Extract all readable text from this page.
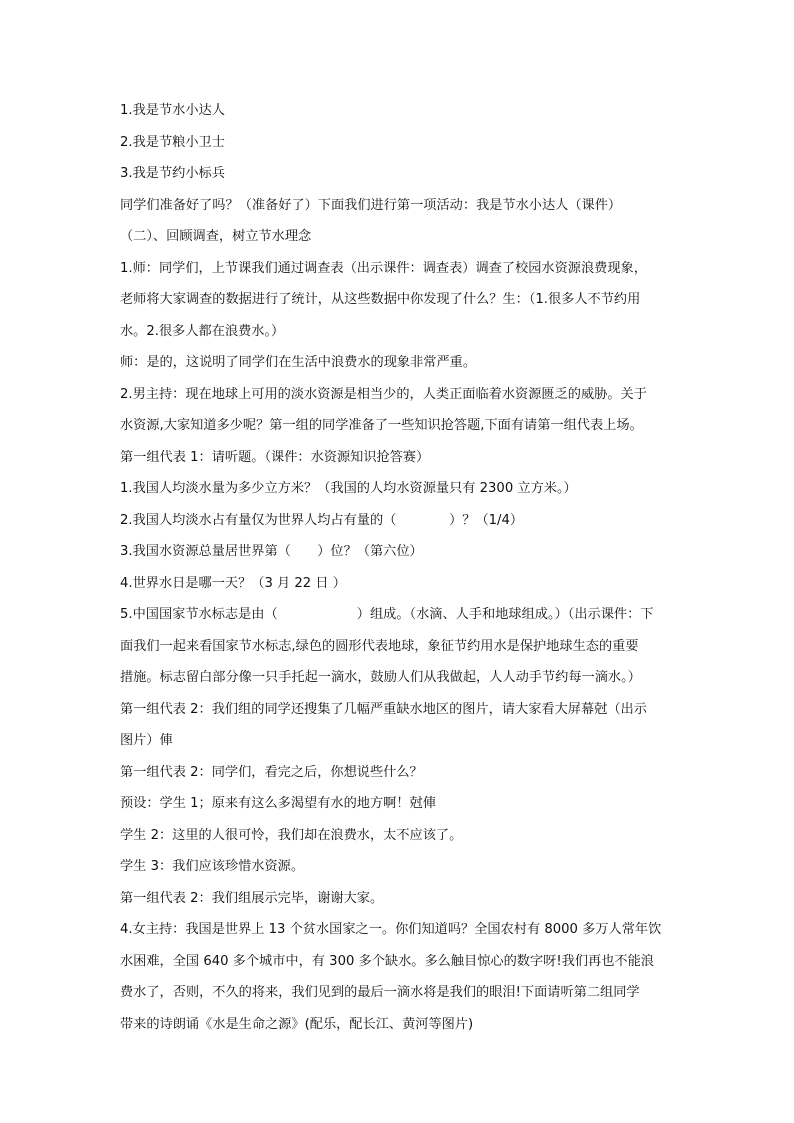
1.我是节水小达人

2.我是节粮小卫士

3.我是节约小标兵

同学们准备好了吗？（准备好了）下面我们进行第一项活动：我是节水小达人（课件）

（二）、回顾调查，树立节水理念

1.师：同学们，上节课我们通过调查表（出示课件：调查表）调查了校园水资源浪费现象，

老师将大家调查的数据进行了统计，从这些数据中你发现了什么？生：（1.很多人不节约用

水。2.很多人都在浪费水。）

师：是的，这说明了同学们在生活中浪费水的现象非常严重。

2.男主持：现在地球上可用的淡水资源是相当少的，人类正面临着水资源匮乏的威胁。关于

水资源,大家知道多少呢？第一组的同学准备了一些知识抢答题,下面有请第一组代表上场。

第一组代表 1：请听题。（课件：水资源知识抢答赛）

1.我国人均淡水量为多少立方米？（我国的人均水资源量只有 2300 立方米。）

2.我国人均淡水占有量仅为世界人均占有量的（　　　　）？（1/4）

3.我国水资源总量居世界第（　　）位？（第六位）

4.世界水日是哪一天？（3 月 22 日 ）

5.中国国家节水标志是由（　　　　　　）组成。（水滴、人手和地球组成。）（出示课件：下

面我们一起来看国家节水标志,绿色的圆形代表地球，象征节约用水是保护地球生态的重要

措施。标志留白部分像一只手托起一滴水，鼓励人们从我做起，人人动手节约每一滴水。）

第一组代表 2：我们组的同学还搜集了几幅严重缺水地区的图片，请大家看大屏幕尅（出示

图片）俥

第一组代表 2：同学们，看完之后，你想说些什么？

预设：学生 1；原来有这么多渴望有水的地方啊！尅俥

学生 2：这里的人很可怜，我们却在浪费水，太不应该了。

学生 3：我们应该珍惜水资源。

第一组代表 2：我们组展示完毕，谢谢大家。

4.女主持：我国是世界上 13 个贫水国家之一。你们知道吗？全国农村有 8000 多万人常年饮

水困难，全国 640 多个城市中，有 300 多个缺水。多么触目惊心的数字呀!我们再也不能浪

费水了，否则，不久的将来，我们见到的最后一滴水将是我们的眼泪!下面请听第二组同学

带来的诗朗诵《水是生命之源》(配乐，配长江、黄河等图片)
